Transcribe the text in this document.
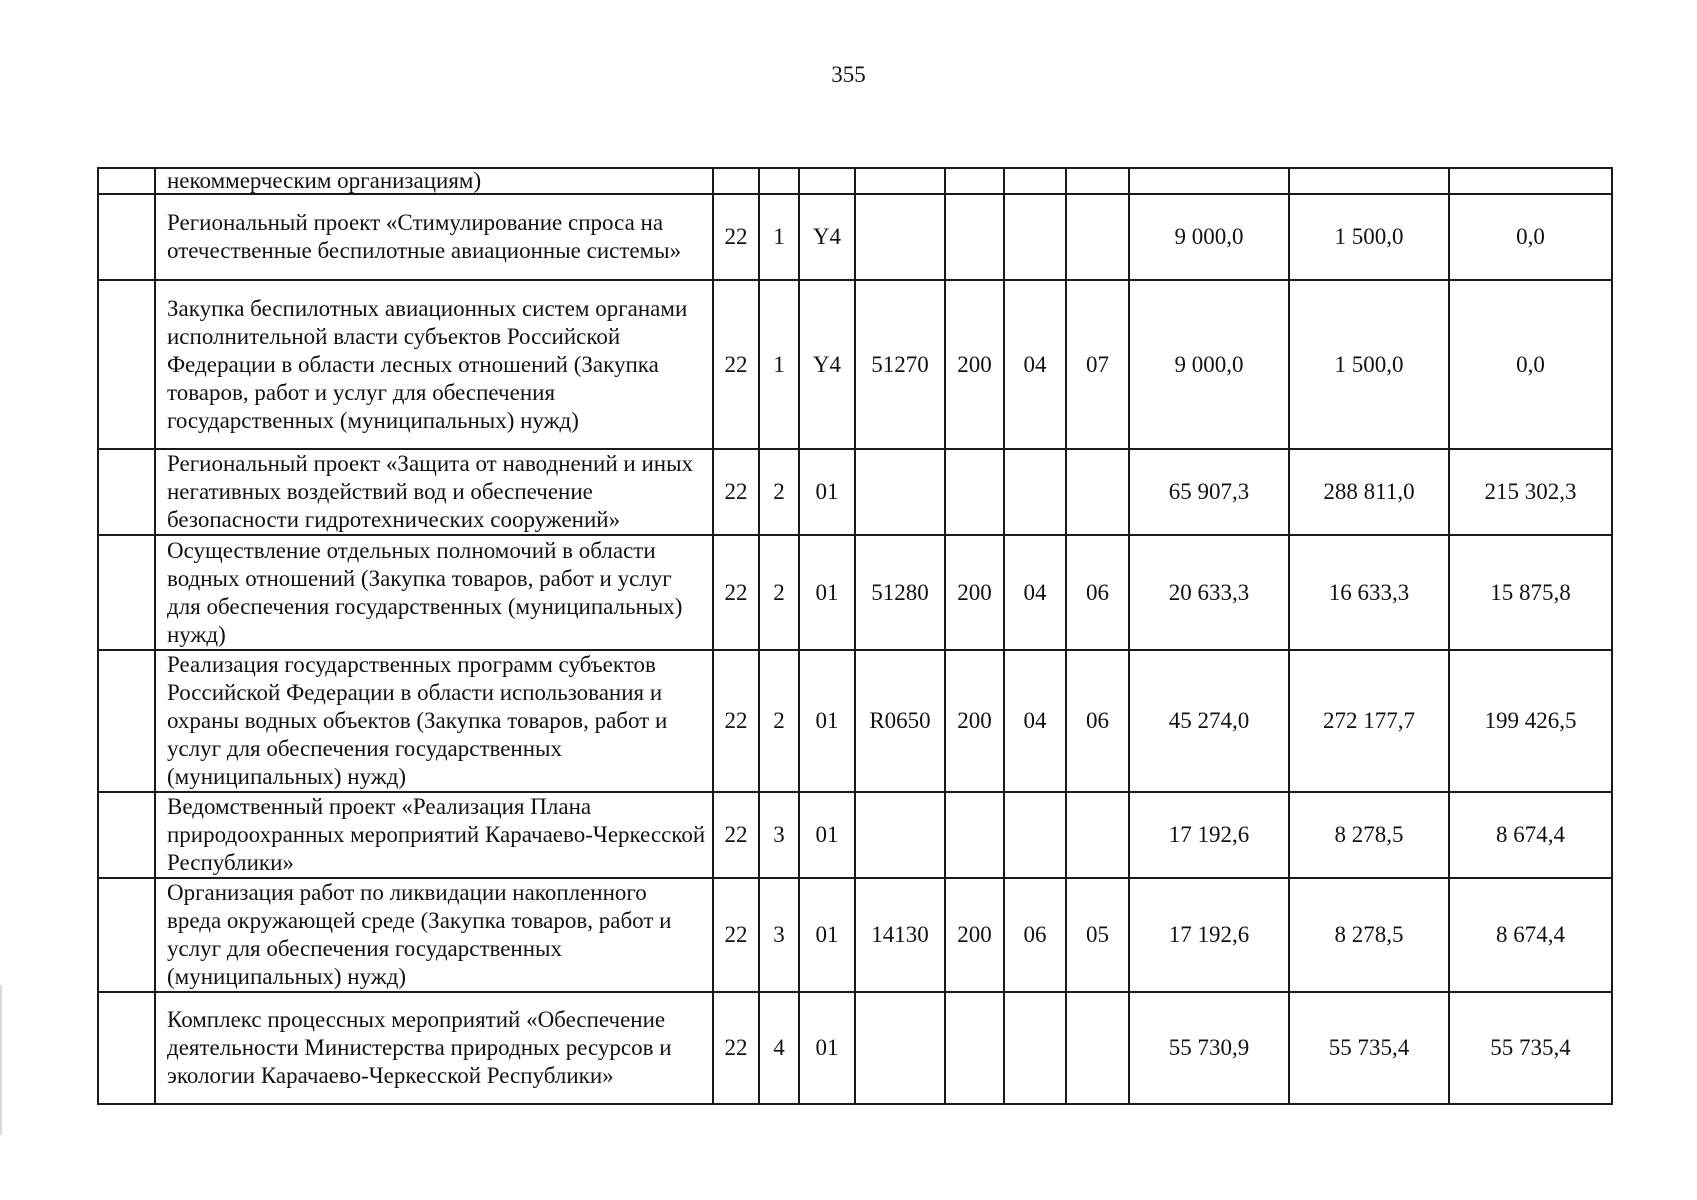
355
	некоммерческим организациям)										
	Региональный проект «Стимулирование спроса на отечественные беспилотные авиационные системы»	22	1	Y4					9 000,0	1 500,0	0,0
	Закупка беспилотных авиационных систем органами исполнительной власти субъектов Российской Федерации в области лесных отношений (Закупка товаров, работ и услуг для обеспечения государственных (муниципальных) нужд)	22	1	Y4	51270	200	04	07	9 000,0	1 500,0	0,0
	Региональный проект «Защита от наводнений и иных негативных воздействий вод и обеспечение безопасности гидротехнических сооружений»	22	2	01					65 907,3	288 811,0	215 302,3
	Осуществление отдельных полномочий в области водных отношений (Закупка товаров, работ и услуг для обеспечения государственных (муниципальных) нужд)	22	2	01	51280	200	04	06	20 633,3	16 633,3	15 875,8
	Реализация государственных программ субъектов Российской Федерации в области использования и охраны водных объектов (Закупка товаров, работ и услуг для обеспечения государственных (муниципальных) нужд)	22	2	01	R0650	200	04	06	45 274,0	272 177,7	199 426,5
	Ведомственный проект «Реализация Плана природоохранных мероприятий Карачаево-Черкесской Республики»	22	3	01					17 192,6	8 278,5	8 674,4
	Организация работ по ликвидации накопленного вреда окружающей среде (Закупка товаров, работ и услуг для обеспечения государственных (муниципальных) нужд)	22	3	01	14130	200	06	05	17 192,6	8 278,5	8 674,4
	Комплекс процессных мероприятий «Обеспечение деятельности Министерства природных ресурсов и экологии Карачаево-Черкесской Республики»	22	4	01					55 730,9	55 735,4	55 735,4
